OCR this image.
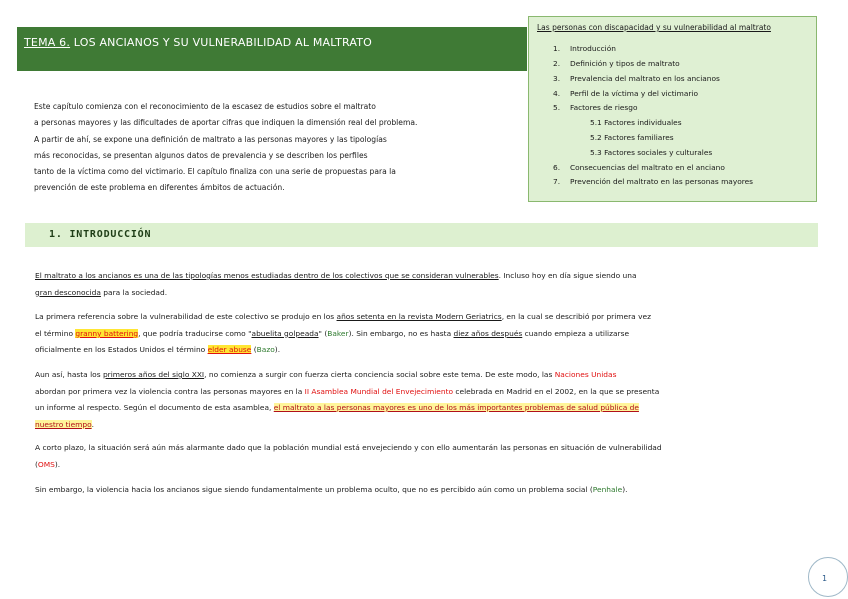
TEMA 6. LOS ANCIANOS Y SU VULNERABILIDAD AL MALTRATO
Las personas con discapacidad y su vulnerabilidad al maltrato
1. Introducción
2. Definición y tipos de maltrato
3. Prevalencia del maltrato en los ancianos
4. Perfil de la víctima y del victimario
5. Factores de riesgo
5.1 Factores individuales
5.2 Factores familiares
5.3 Factores sociales y culturales
6. Consecuencias del maltrato en el anciano
7. Prevención del maltrato en las personas mayores
Este capítulo comienza con el reconocimiento de la escasez de estudios sobre el maltrato
a personas mayores y las dificultades de aportar cifras que indiquen la dimensión real del problema.
A partir de ahí, se expone una definición de maltrato a las personas mayores y las tipologías
más reconocidas, se presentan algunos datos de prevalencia y se describen los perfiles
tanto de la víctima como del victimario. El capítulo finaliza con una serie de propuestas para la
prevención de este problema en diferentes ámbitos de actuación.
1. INTRODUCCIÓN
El maltrato a los ancianos es una de las tipologías menos estudiadas dentro de los colectivos que se consideran vulnerables. Incluso hoy en día sigue siendo una
gran desconocida para la sociedad.
La primera referencia sobre la vulnerabilidad de este colectivo se produjo en los años setenta en la revista Modern Geriatrics, en la cual se describió por primera vez
el término granny battering, que podría traducirse como "abuelita golpeada" (Baker). Sin embargo, no es hasta diez años después cuando empieza a utilizarse
oficialmente en los Estados Unidos el término elder abuse (Bazo).
Aun así, hasta los primeros años del siglo XXI, no comienza a surgir con fuerza cierta conciencia social sobre este tema. De este modo, las Naciones Unidas
abordan por primera vez la violencia contra las personas mayores en la II Asamblea Mundial del Envejecimiento celebrada en Madrid en el 2002, en la que se presenta
un informe al respecto. Según el documento de esta asamblea, el maltrato a las personas mayores es uno de los más importantes problemas de salud pública de
nuestro tiempo.
A corto plazo, la situación será aún más alarmante dado que la población mundial está envejeciendo y con ello aumentarán las personas en situación de vulnerabilidad
(OMS).
Sin embargo, la violencia hacia los ancianos sigue siendo fundamentalmente un problema oculto, que no es percibido aún como un problema social (Penhale).
1
